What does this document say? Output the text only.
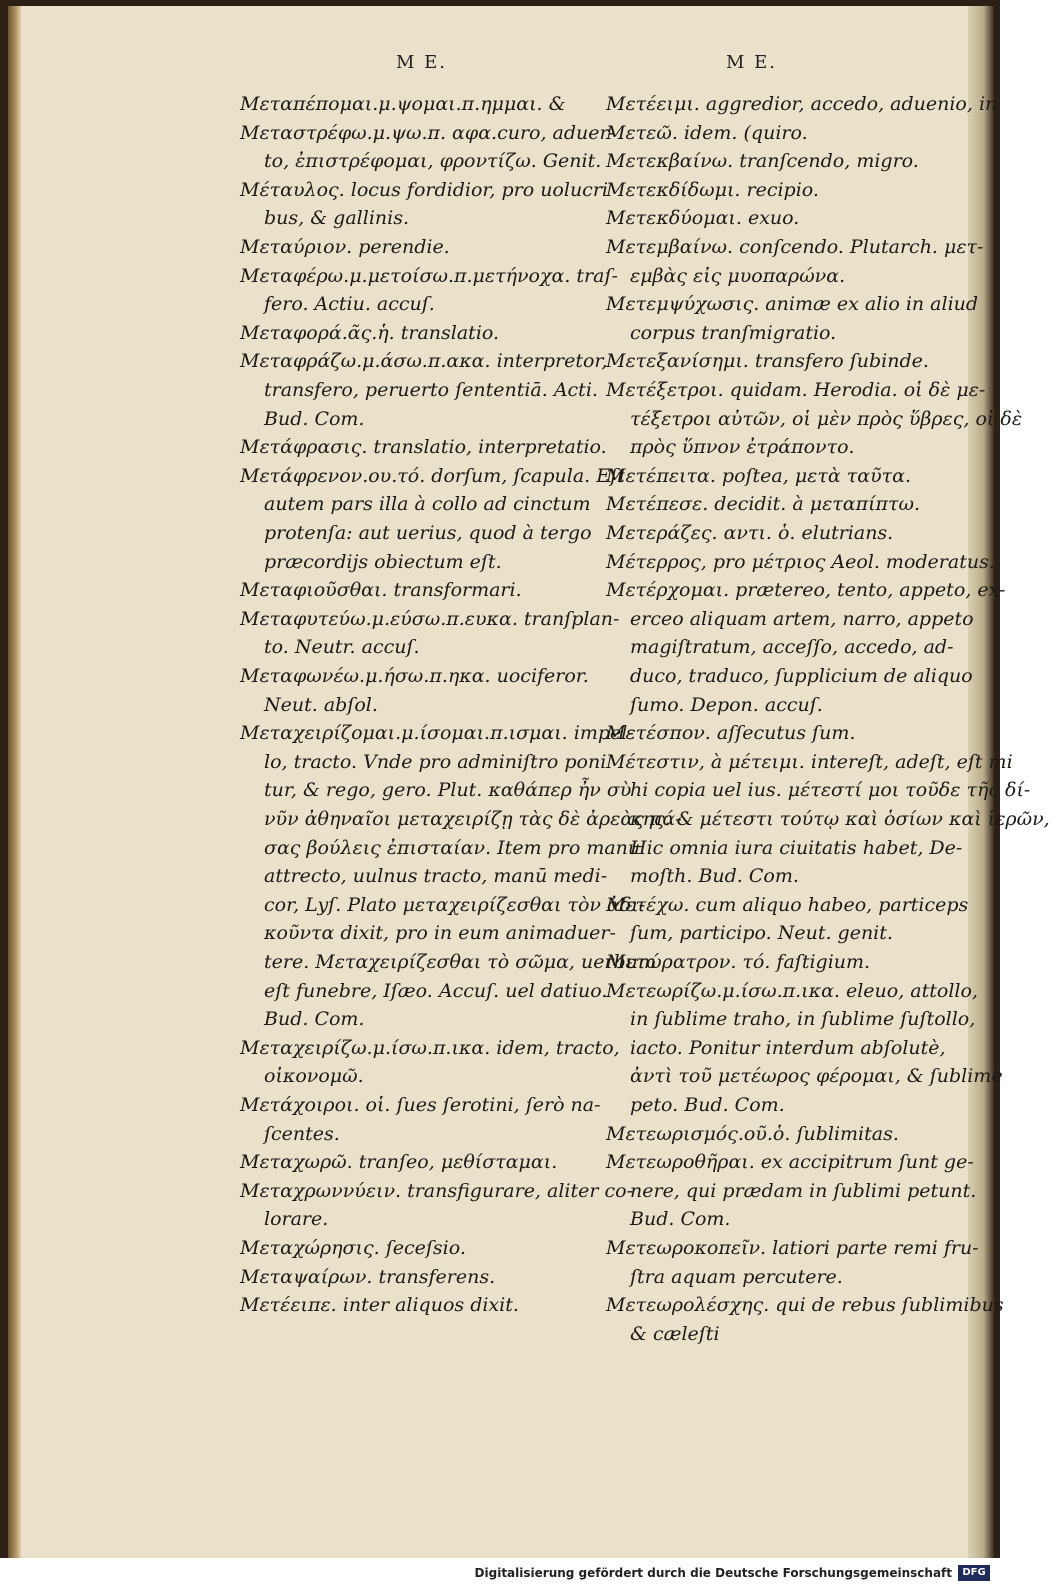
M E.	M E.
Μεταπέπομαι.μ.ψομαι.π.ημμαι. &
Μεταστρέφω.μ.ψω.π. αφα.curo, aduer-
to, ἐπιστρέφομαι, φροντίζω. Genit.
Μέταυλος. locus fordidior, pro uolucri
bus, & gallinis.
Μεταύριον. perendie.
Μεταφέρω.μ.μετοίσω.π.μετήνοχα. traſ-
fero. Actiu. accuſ.
Μεταφορά.ᾶς.ἡ. translatio.
Μεταφράζω.μ.άσω.π.ακα. interpretor,
transfero, peruerto ſententiā. Acti.
Bud. Com.
Μετάφρασις. translatio, interpretatio.
Μετάφρενον.ου.τό. dorſum, ſcapula. Eſt
autem pars illa à collo ad cinctum
protenſa: aut uerius, quod à tergo
præcordijs obiectum eſt.
Μεταφιοῦσθαι. transformari.
Μεταφυτεύω.μ.εύσω.π.ευκα. tranſplan-
to. Neutr. accuſ.
Μεταφωνέω.μ.ήσω.π.ηκα. uociferor.
Neut. abſol.
Μεταχειρίζομαι.μ.ίσομαι.π.ισμαι. impel-
lo, tracto. Vnde pro adminiſtro poni
tur, & rego, gero. Plut. καθάπερ ἦν σὺ
νῦν ἀθηναῖοι μεταχειρίζῃ τὰς δὲ ἀρεὰς πά-
σας βούλεις ἐπισταίαν. Item pro manu
attrecto, uulnus tracto, manū medi-
cor, Lyſ. Plato μεταχειρίζεσθαι τὸν ἀδι-
κοῦντα dixit, pro in eum animaduer-
tere. Μεταχειρίζεσθαι τὸ σῶμα, uerbum
eſt funebre, Iſæo. Accuſ. uel datiuo.
Bud. Com.
Μεταχειρίζω.μ.ίσω.π.ικα. idem, tracto,
οἰκονομῶ.
Μετάχοιροι. οἱ. ſues ſerotini, ſerò na-
ſcentes.
Μεταχωρῶ. tranſeo, μεθίσταμαι.
Μεταχρωννύειν. transfigurare, aliter co-
lorare.
Μεταχώρησις. ſeceſsio.
Μεταψαίρων. transferens.
Μετέειπε. inter aliquos dixit.
Μετέειμι. aggredior, accedo, aduenio, in
Μετεῶ. idem. (quiro.
Μετεκβαίνω. tranſcendo, migro.
Μετεκδίδωμι. recipio.
Μετεκδύομαι. exuo.
Μετεμβαίνω. conſcendo. Plutarch. μετ-
εμβὰς εἰς μυοπαρώνα.
Μετεμψύχωσις. animæ ex alio in aliud
corpus tranſmigratio.
Μετεξανίσημι. transfero ſubinde.
Μετέξετροι. quidam. Herodia. οἱ δὲ με-
τέξετροι αὐτῶν, οἱ μὲν πρὸς ὕβρες, οἱ δὲ
πρὸς ὕπνον ἐτράποντο.
Μετέπειτα. poſtea, μετὰ ταῦτα.
Μετέπεσε. decidit. à μεταπίπτω.
Μετεράζες. αντι. ὁ. elutrians.
Μέτερρος, pro μέτριος Aeol. moderatus.
Μετέρχομαι. prætereo, tento, appeto, ex-
erceo aliquam artem, narro, appeto
magiſtratum, acceſſo, accedo, ad-
duco, traduco, ſupplicium de aliquo
ſumo. Depon. accuſ.
Μετέσπον. aſſecutus ſum.
Μέτεστιν, à μέτειμι. intereſt, adeſt, eſt mi
hi copia uel ius. μέτεστί μοι τοῦδε τῆς δί-
κης. & μέτεστι τούτῳ καὶ ὁσίων καὶ ἱερῶν,
Hic omnia iura ciuitatis habet, De-
moſth. Bud. Com.
Μετέχω. cum aliquo habeo, particeps
ſum, participo. Neut. genit.
Μετώρατρον. τό. faſtigium.
Μετεωρίζω.μ.ίσω.π.ικα. eleuo, attollo,
in ſublime traho, in ſublime ſuſtollo,
iacto. Ponitur interdum abſolutè,
ἀντὶ τοῦ μετέωρος φέρομαι, & ſublimè
peto. Bud. Com.
Μετεωρισμός.οῦ.ὁ. ſublimitas.
Μετεωροθῆραι. ex accipitrum ſunt ge-
nere, qui prædam in ſublimi petunt.
Bud. Com.
Μετεωροκοπεῖν. latiori parte remi fru-
ſtra aquam percutere.
Μετεωρολέσχης. qui de rebus ſublimibus
& cæleſti
Digitalisierung gefördert durch die Deutsche Forschungsgemeinschaft	DFG
